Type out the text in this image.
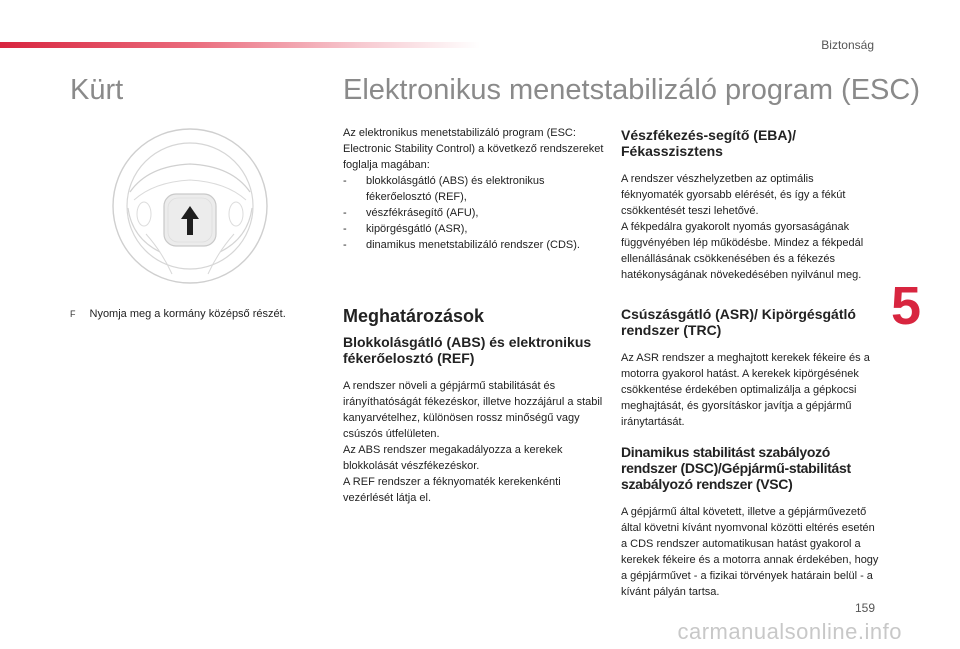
Biztonság
Kürt	Elektronikus menetstabilizáló program (ESC)
F Nyomja meg a kormány középső részét.

Az elektronikus menetstabilizáló program (ESC: Electronic Stability Control) a következő rendszereket foglalja magában:

- blokkolásgátló (ABS) és elektronikus fékerőelosztó (REF),
- vészfékrásegítő (AFU),
- kipörgésgátló (ASR),
- dinamikus menetstabilizáló rendszer (CDS).
Meghatározások

Blokkolásgátló (ABS) és elektronikus fékerőelosztó (REF)

A rendszer növeli a gépjármű stabilitását és irányíthatóságát fékezéskor, illetve hozzájárul a stabil kanyarvételhez, különösen rossz minőségű vagy csúszós útfelületen.

Az ABS rendszer megakadályozza a kerekek blokkolását vészfékezéskor.

A REF rendszer a féknyomaték kerekenkénti vezérlését látja el.

Vészfékezés-segítő (EBA)/ Fékasszisztens

A rendszer vészhelyzetben az optimális féknyomaték gyorsabb elérését, és így a fékút csökkentését teszi lehetővé.

A fékpedálra gyakorolt nyomás gyorsaságának függvényében lép működésbe. Mindez a fékpedál ellenállásának csökkenésében és a fékezés hatékonyságának növekedésében nyilvánul meg.

Csúszásgátló (ASR)/ Kipörgésgátló rendszer (TRC)

Az ASR rendszer a meghajtott kerekek fékeire és a motorra gyakorol hatást. A kerekek kipörgésének csökkentése érdekében optimalizálja a gépkocsi meghajtását, és gyorsításkor javítja a gépjármű iránytartását.

Dinamikus stabilitást szabályozó rendszer (DSC)/Gépjármű-stabilitást szabályozó rendszer (VSC)

A gépjármű által követett, illetve a gépjárművezető által követni kívánt nyomvonal közötti eltérés esetén a CDS rendszer automatikusan hatást gyakorol a kerekek fékeire és a motorra annak érdekében, hogy a gépjárművet - a fizikai törvények határain belül - a kívánt pályán tartsa.

5
159
carmanualsonline.info
